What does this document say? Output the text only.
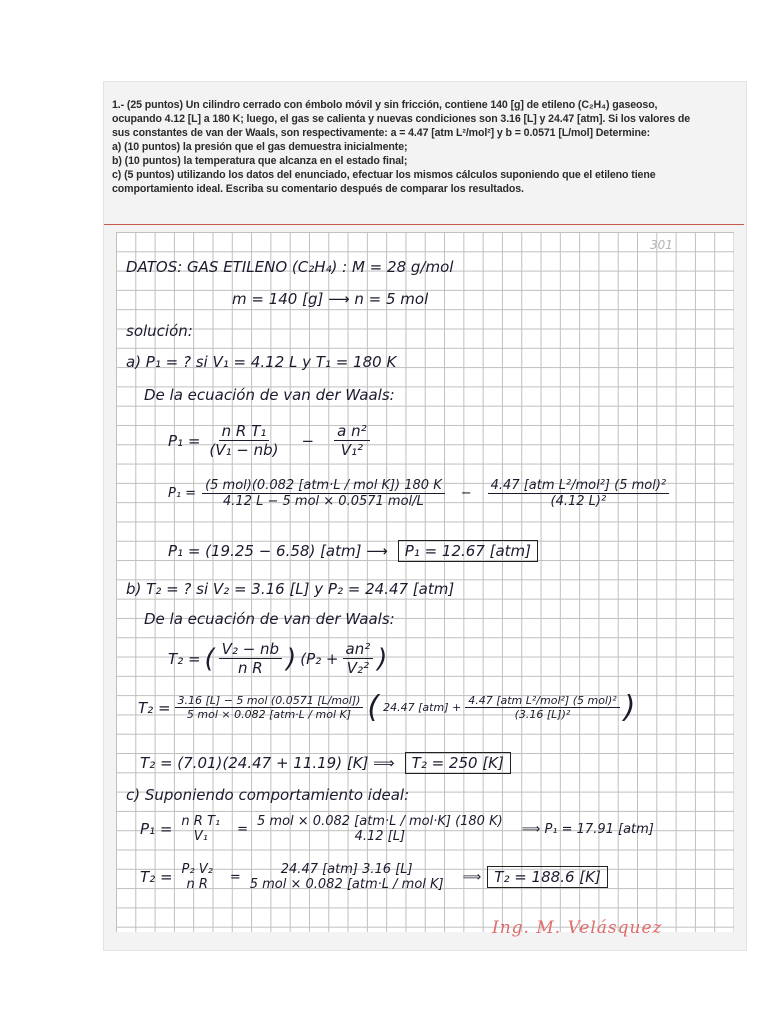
1.- (25 puntos) Un cilindro cerrado con émbolo móvil y sin fricción, contiene 140 [g] de etileno (C₂H₄) gaseoso,

ocupando 4.12 [L] a 180 K; luego, el gas se calienta y nuevas condiciones son 3.16 [L] y 24.47 [atm]. Si los valores de

sus constantes de van der Waals, son respectivamente: a = 4.47 [atm L²/mol²] y b = 0.0571 [L/mol] Determine:

a) (10 puntos) la presión que el gas demuestra inicialmente;

b) (10 puntos) la temperatura que alcanza en el estado final;

c) (5 puntos) utilizando los datos del enunciado, efectuar los mismos cálculos suponiendo que el etileno tiene

comportamiento ideal. Escriba su comentario después de comparar los resultados.

301
DATOS: GAS ETILENO (C₂H₄) : M = 28 g/mol
m = 140 [g] ⟶ n = 5 mol
solución:
a) P₁ = ? si V₁ = 4.12 L y T₁ = 180 K
De la ecuación de van der Waals:
$P_1 = \frac{\text{n R T₁}}{\text{(V₁ − nb)}} - \frac{\text{a n²}}{\text{V₁²}}$
$P_1 = \frac{\text{(5 mol)(0.082 [atm·L / mol K]) 180 K}}{\text{4.12 L − 5 mol × 0.0571 mol/L}} - \frac{\text{4.47 [atm L²/mol²] (5 mol)²}}{\text{(4.12 L)²}}$
P₁ = (19.25 − 6.58) [atm] ⟶	P₁ = 12.67 [atm]
b) T₂ = ? si V₂ = 3.16 [L] y P₂ = 24.47 [atm]
De la ecuación de van der Waals:
T₂ = ( $\frac{\text{V₂ − nb}}{\text{n R}}$ ) ($P_2 + \frac{\text{an²}}{\text{V₂²}}$ )
$T_2 = \frac{\text{3.16 [L] − 5 mol (0.0571 [L/mol])}}{\text{5 mol × 0.082 [atm·L / mol K]}}$ ( 24.47 $[atm] + \frac{\text{4.47 [atm L²/mol²] (5 mol)²}}{\text{(3.16 [L])²}}$ )
T₂ = (7.01)(24.47 + 11.19) [K] ⟹	T₂ = 250 [K]
c) Suponiendo comportamiento ideal:
P₁ = n R T₁
V₁ = 5 mol × 0.082 [atm·L / mol·K] (180 K)
4.12 [L]	⟹ P₁ = 17.91 [atm]
T₂ = P₂ V₂
n R =	24.47 [atm] 3.16 [L]
5 mol × 0.082 [atm·L / mol K] ⟹ T₂ = 188.6 [K]
Ing. M. Velásquez
